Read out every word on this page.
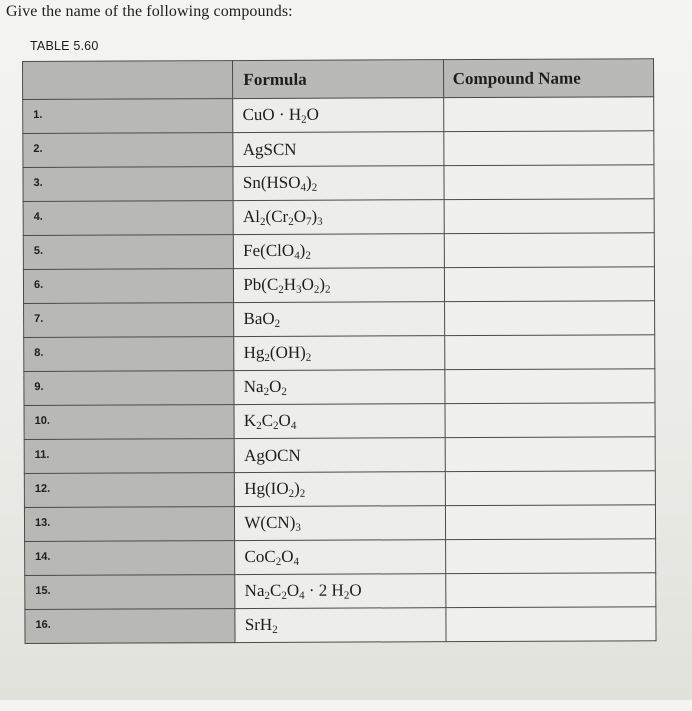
Give the name of the following compounds:
TABLE 5.60
	Formula	Compound Name
1.	CuO · $H_2O$	
2.	AgSCN	
3.	$Sn(HSO_4)_2$	
4.	$Al_2(Cr_2O_7)_3$	
5.	$Fe(ClO_4)_2$	
6.	$Pb(C_2H_3O_2)_2$	
7.	BaO$_2$	
8.	$Hg_2(OH)_2$	
9.	$Na_2O_2$	
10.	$K_2C_2O_4$	
11.	AgOCN	
12.	$Hg(IO_2)_2$	
13.	$W(CN)_3$	
14.	$CoC_2O_4$	
15.	$Na_2C_2O_4 \cdot 2$ $H_2O$	
16.	SrH$_2$	
